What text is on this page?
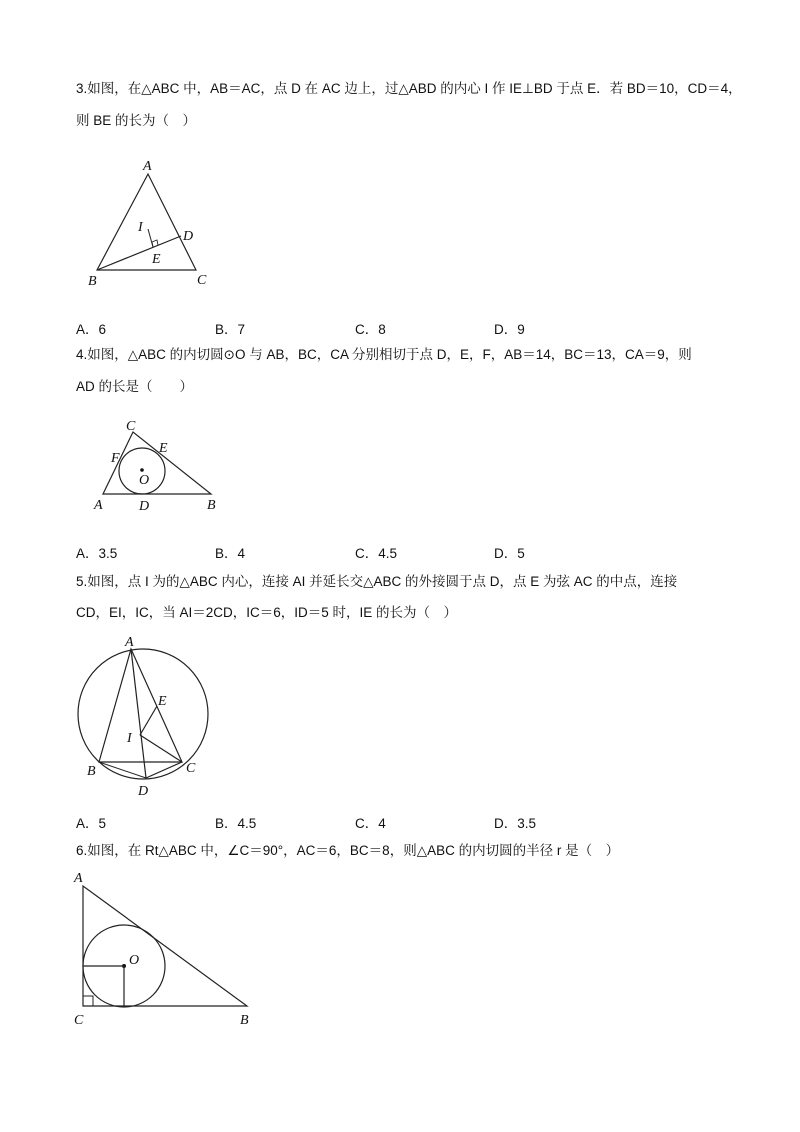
3.如图，在△ABC 中，AB＝AC，点 D 在 AC 边上，过△ABD 的内心 I 作 IE⊥BD 于点 E．若 BD＝10，CD＝4，
则 BE 的长为（　）
A
B	C
D
E
I
A．6	B．7	C．8	D．9
4.如图，△ABC 的内切圆⊙O 与 AB，BC，CA 分别相切于点 D，E，F，AB＝14，BC＝13，CA＝9，则
AD 的长是（　　）
C
E
F
O
A	D	B
A．3.5	B．4	C．4.5	D．5
5.如图，点 I 为的△ABC 内心，连接 AI 并延长交△ABC 的外接圆于点 D，点 E 为弦 AC 的中点，连接
CD，EI，IC，当 AI＝2CD，IC＝6，ID＝5 时，IE 的长为（　）
A
E
I
B	C
D
A．5	B．4.5	C．4	D．3.5
6.如图，在 Rt△ABC 中，∠C＝90°，AC＝6，BC＝8，则△ABC 的内切圆的半径 r 是（　）
A
O
C	B
